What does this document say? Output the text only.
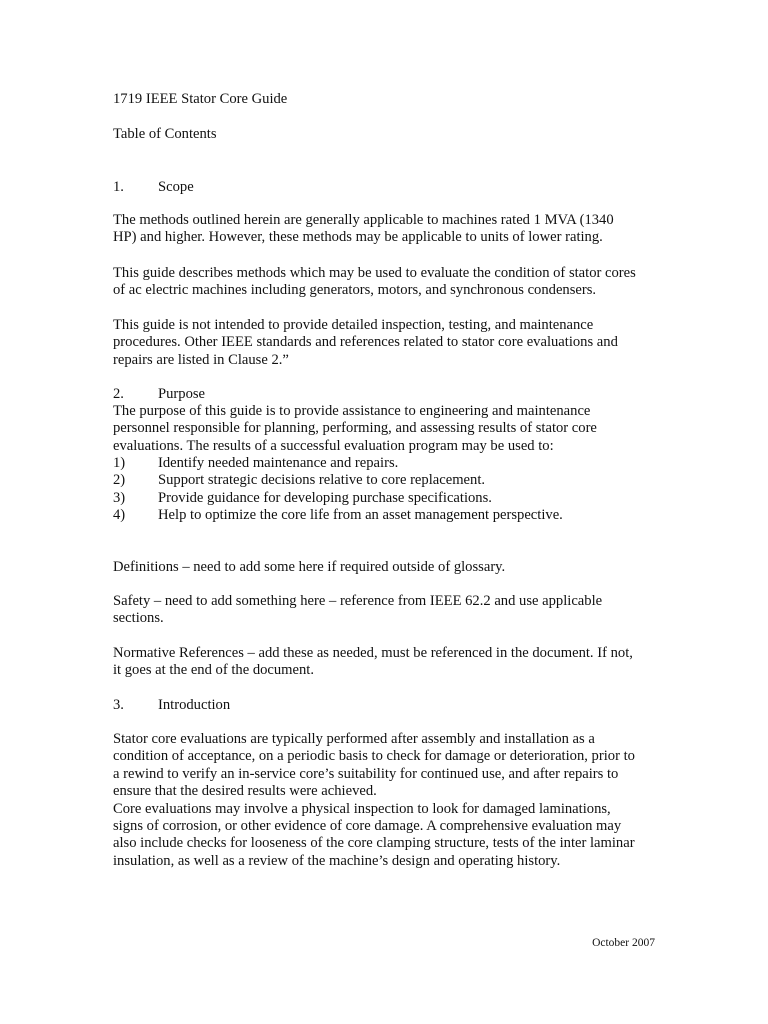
1719 IEEE Stator Core Guide

Table of Contents

1. Scope

The methods outlined herein are generally applicable to machines rated 1 MVA (1340
HP) and higher. However, these methods may be applicable to units of lower rating.
This guide describes methods which may be used to evaluate the condition of stator cores
of ac electric machines including generators, motors, and synchronous condensers.
This guide is not intended to provide detailed inspection, testing, and maintenance
procedures. Other IEEE standards and references related to stator core evaluations and
repairs are listed in Clause 2.”

2. Purpose

The purpose of this guide is to provide assistance to engineering and maintenance
personnel responsible for planning, performing, and assessing results of stator core
evaluations. The results of a successful evaluation program may be used to:
1) Identify needed maintenance and repairs.
2) Support strategic decisions relative to core replacement.
3) Provide guidance for developing purchase specifications.
4) Help to optimize the core life from an asset management perspective.
Definitions – need to add some here if required outside of glossary.
Safety – need to add something here – reference from IEEE 62.2 and use applicable
sections.
Normative References – add these as needed, must be referenced in the document. If not,
it goes at the end of the document.

3. Introduction

Stator core evaluations are typically performed after assembly and installation as a
condition of acceptance, on a periodic basis to check for damage or deterioration, prior to
a rewind to verify an in-service core’s suitability for continued use, and after repairs to
ensure that the desired results were achieved.
Core evaluations may involve a physical inspection to look for damaged laminations,
signs of corrosion, or other evidence of core damage. A comprehensive evaluation may
also include checks for looseness of the core clamping structure, tests of the inter laminar
insulation, as well as a review of the machine’s design and operating history.

October 2007
